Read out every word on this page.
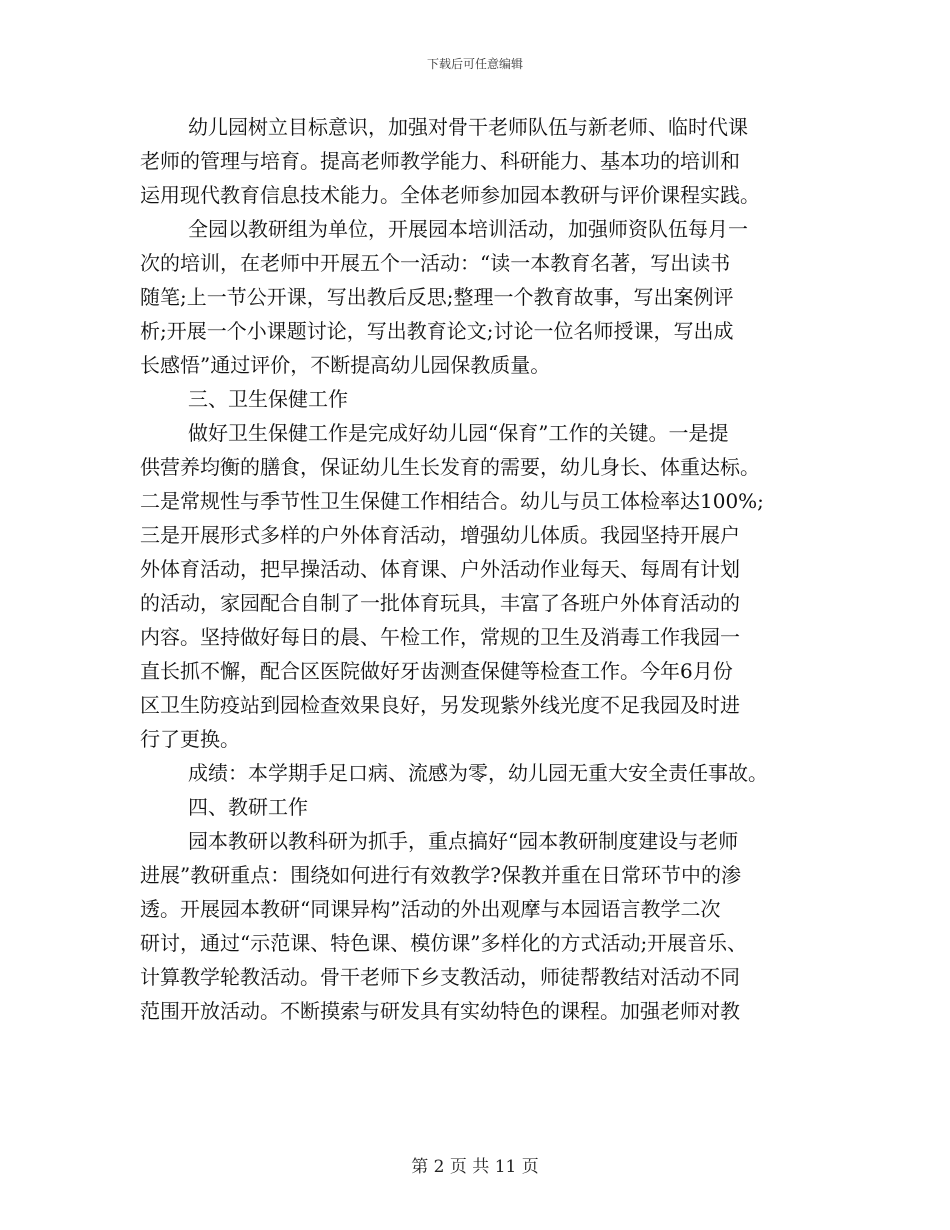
下载后可任意编辑
幼儿园树立目标意识，加强对骨干老师队伍与新老师、临时代课
老师的管理与培育。提高老师教学能力、科研能力、基本功的培训和
运用现代教育信息技术能力。全体老师参加园本教研与评价课程实践。
全园以教研组为单位，开展园本培训活动，加强师资队伍每月一
次的培训，在老师中开展五个一活动：“读一本教育名著，写出读书
随笔;上一节公开课，写出教后反思;整理一个教育故事，写出案例评
析;开展一个小课题讨论，写出教育论文;讨论一位名师授课，写出成
长感悟”通过评价，不断提高幼儿园保教质量。
三、卫生保健工作
做好卫生保健工作是完成好幼儿园“保育”工作的关键。一是提
供营养均衡的膳食，保证幼儿生长发育的需要，幼儿身长、体重达标。
二是常规性与季节性卫生保健工作相结合。幼儿与员工体检率达100%;
三是开展形式多样的户外体育活动，增强幼儿体质。我园坚持开展户
外体育活动，把早操活动、体育课、户外活动作业每天、每周有计划
的活动，家园配合自制了一批体育玩具，丰富了各班户外体育活动的
内容。坚持做好每日的晨、午检工作，常规的卫生及消毒工作我园一
直长抓不懈，配合区医院做好牙齿测查保健等检查工作。今年6月份
区卫生防疫站到园检查效果良好，另发现紫外线光度不足我园及时进
行了更换。
成绩：本学期手足口病、流感为零，幼儿园无重大安全责任事故。
四、教研工作
园本教研以教科研为抓手，重点搞好“园本教研制度建设与老师
进展”教研重点：围绕如何进行有效教学?保教并重在日常环节中的渗
透。开展园本教研“同课异构”活动的外出观摩与本园语言教学二次
研讨，通过“示范课、特色课、模仿课”多样化的方式活动;开展音乐、
计算教学轮教活动。骨干老师下乡支教活动，师徒帮教结对活动不同
范围开放活动。不断摸索与研发具有实幼特色的课程。加强老师对教
第 2 页 共 11 页
